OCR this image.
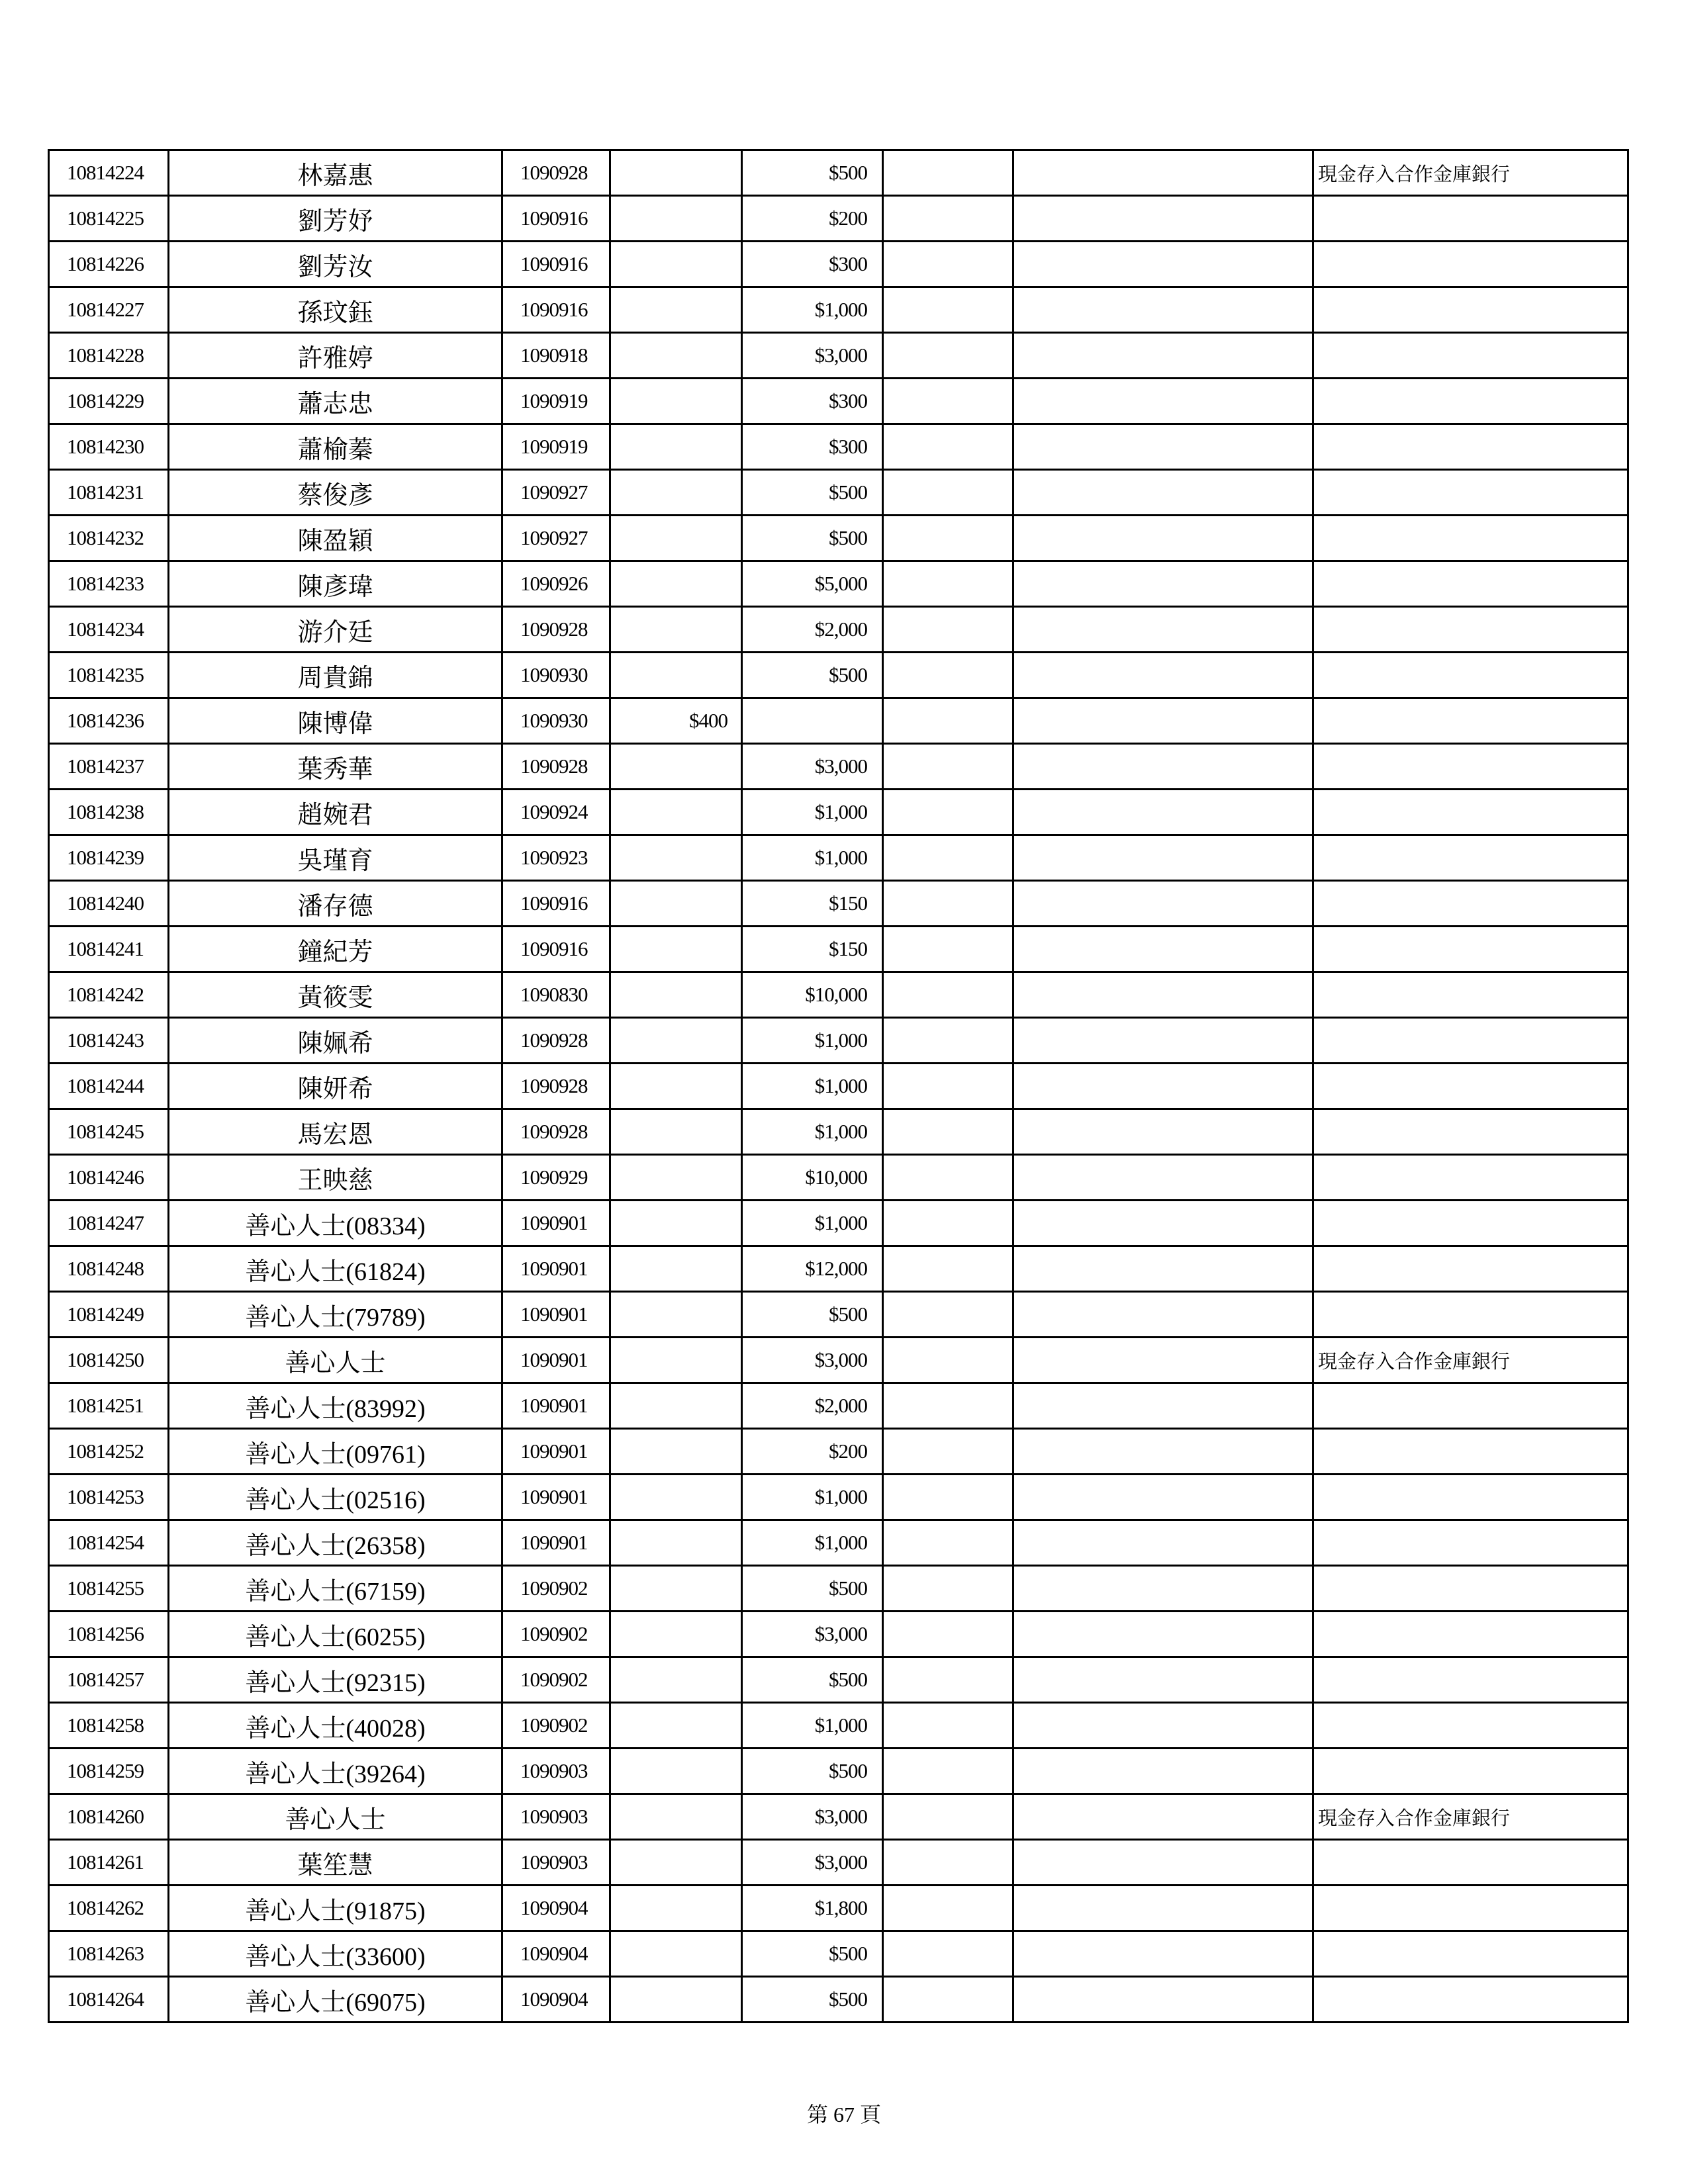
10814224	林嘉惠	1090928		$500			現金存入合作金庫銀行
10814225	劉芳妤	1090916		$200			
10814226	劉芳汝	1090916		$300			
10814227	孫玟鈺	1090916		$1,000			
10814228	許雅婷	1090918		$3,000			
10814229	蕭志忠	1090919		$300			
10814230	蕭榆蓁	1090919		$300			
10814231	蔡俊彥	1090927		$500			
10814232	陳盈穎	1090927		$500			
10814233	陳彥瑋	1090926		$5,000			
10814234	游介廷	1090928		$2,000			
10814235	周貴錦	1090930		$500			
10814236	陳博偉	1090930	$400				
10814237	葉秀華	1090928		$3,000			
10814238	趙婉君	1090924		$1,000			
10814239	吳瑾育	1090923		$1,000			
10814240	潘存德	1090916		$150			
10814241	鐘紀芳	1090916		$150			
10814242	黃筱雯	1090830		$10,000			
10814243	陳姵希	1090928		$1,000			
10814244	陳妍希	1090928		$1,000			
10814245	馬宏恩	1090928		$1,000			
10814246	王映慈	1090929		$10,000			
10814247	善心人士(08334)	1090901		$1,000			
10814248	善心人士(61824)	1090901		$12,000			
10814249	善心人士(79789)	1090901		$500			
10814250	善心人士	1090901		$3,000			現金存入合作金庫銀行
10814251	善心人士(83992)	1090901		$2,000			
10814252	善心人士(09761)	1090901		$200			
10814253	善心人士(02516)	1090901		$1,000			
10814254	善心人士(26358)	1090901		$1,000			
10814255	善心人士(67159)	1090902		$500			
10814256	善心人士(60255)	1090902		$3,000			
10814257	善心人士(92315)	1090902		$500			
10814258	善心人士(40028)	1090902		$1,000			
10814259	善心人士(39264)	1090903		$500			
10814260	善心人士	1090903		$3,000			現金存入合作金庫銀行
10814261	葉笙慧	1090903		$3,000			
10814262	善心人士(91875)	1090904		$1,800			
10814263	善心人士(33600)	1090904		$500			
10814264	善心人士(69075)	1090904		$500			
第 67 頁
